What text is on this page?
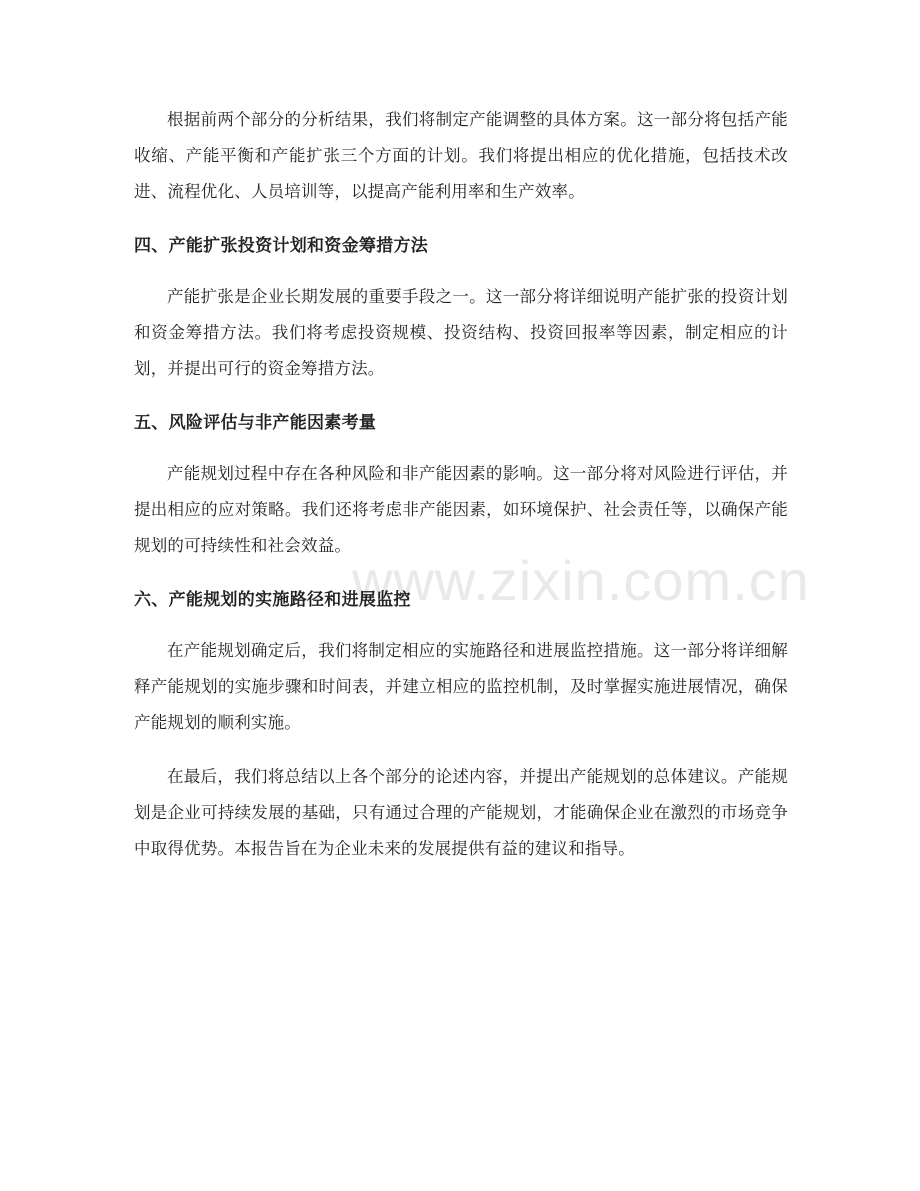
www.zixin.com.cn

根据前两个部分的分析结果，我们将制定产能调整的具体方案。这一部分将包括产能收缩、产能平衡和产能扩张三个方面的计划。我们将提出相应的优化措施，包括技术改进、流程优化、人员培训等，以提高产能利用率和生产效率。

四、产能扩张投资计划和资金筹措方法

产能扩张是企业长期发展的重要手段之一。这一部分将详细说明产能扩张的投资计划和资金筹措方法。我们将考虑投资规模、投资结构、投资回报率等因素，制定相应的计划，并提出可行的资金筹措方法。

五、风险评估与非产能因素考量

产能规划过程中存在各种风险和非产能因素的影响。这一部分将对风险进行评估，并提出相应的应对策略。我们还将考虑非产能因素，如环境保护、社会责任等，以确保产能规划的可持续性和社会效益。

六、产能规划的实施路径和进展监控

在产能规划确定后，我们将制定相应的实施路径和进展监控措施。这一部分将详细解释产能规划的实施步骤和时间表，并建立相应的监控机制，及时掌握实施进展情况，确保产能规划的顺利实施。

在最后，我们将总结以上各个部分的论述内容，并提出产能规划的总体建议。产能规划是企业可持续发展的基础，只有通过合理的产能规划，才能确保企业在激烈的市场竞争中取得优势。本报告旨在为企业未来的发展提供有益的建议和指导。
